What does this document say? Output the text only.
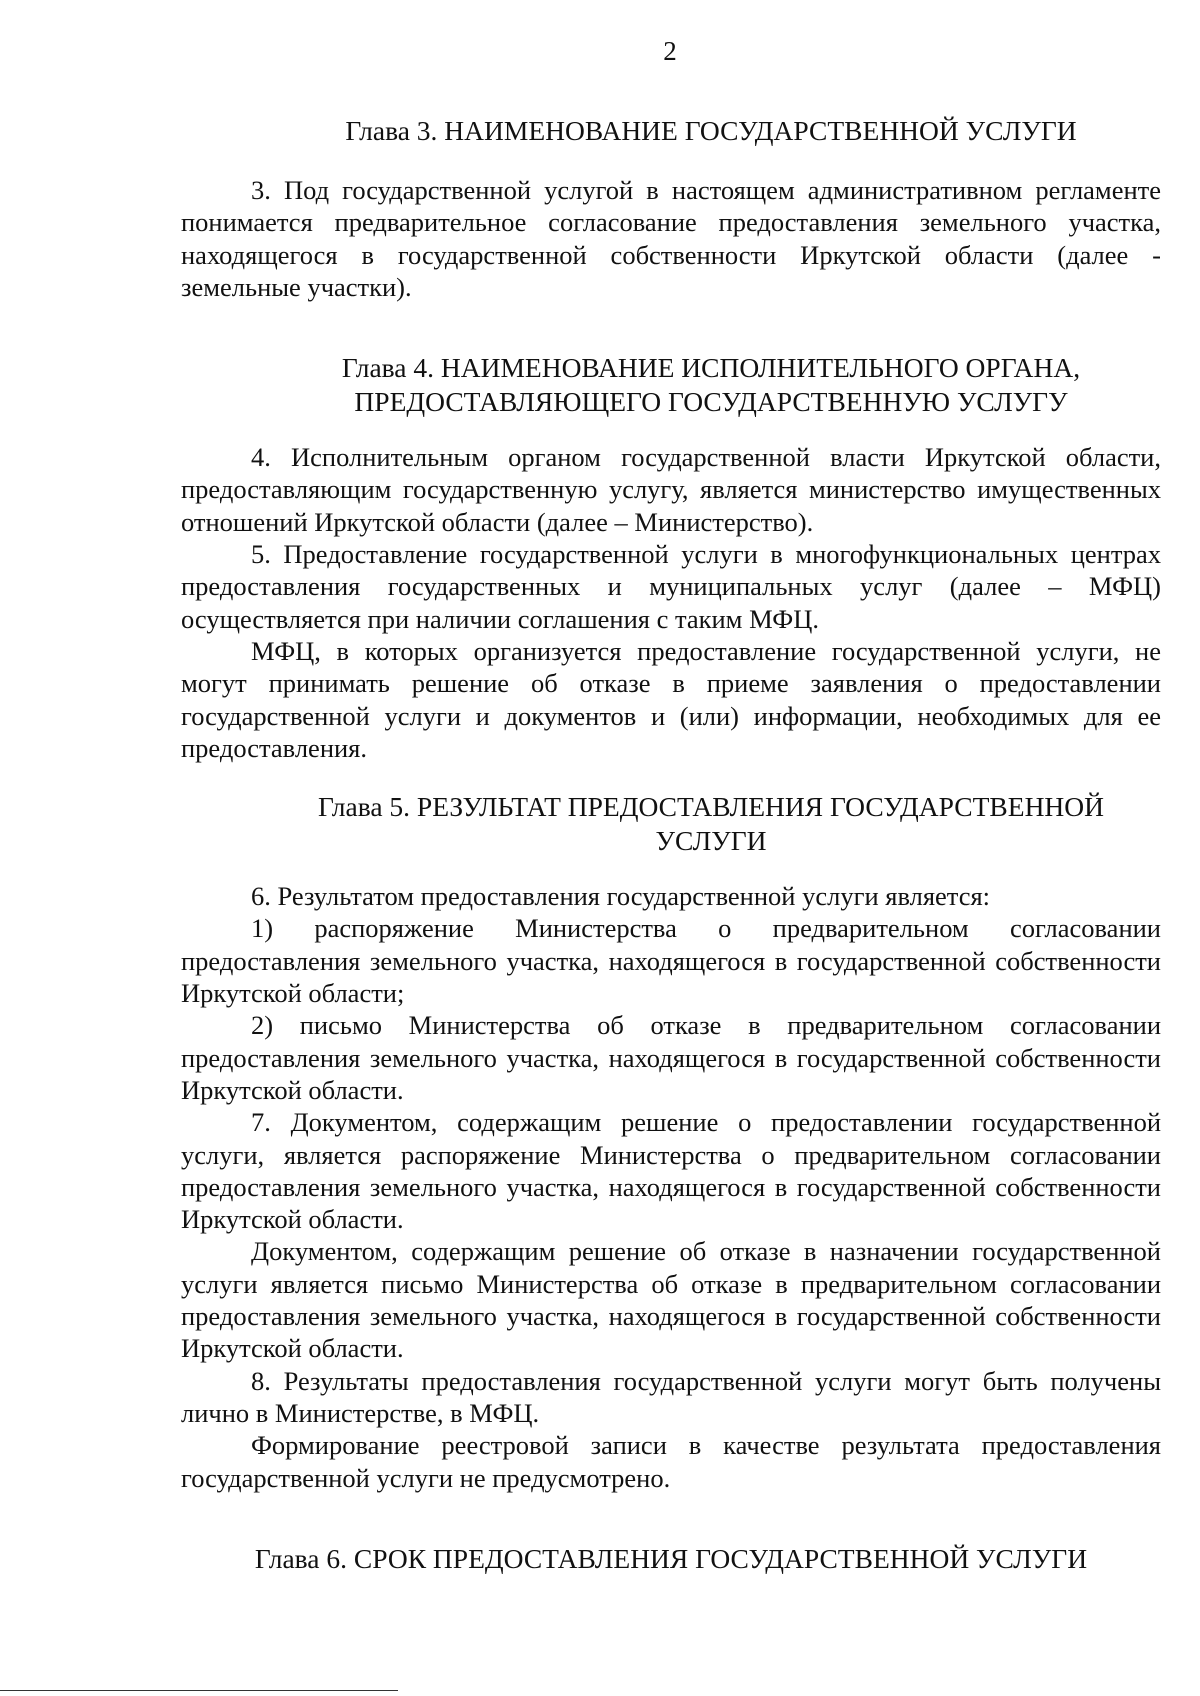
2
Глава 3. НАИМЕНОВАНИЕ ГОСУДАРСТВЕННОЙ УСЛУГИ

3. Под государственной услугой в настоящем административном регламенте понимается предварительное согласование предоставления земельного участка, находящегося в государственной собственности Иркутской области (далее - земельные участки).

Глава 4. НАИМЕНОВАНИЕ ИСПОЛНИТЕЛЬНОГО ОРГАНА,
ПРЕДОСТАВЛЯЮЩЕГО ГОСУДАРСТВЕННУЮ УСЛУГУ

4. Исполнительным органом государственной власти Иркутской области, предоставляющим государственную услугу, является министерство имущественных отношений Иркутской области (далее – Министерство).

5. Предоставление государственной услуги в многофункциональных центрах предоставления государственных и муниципальных услуг (далее – МФЦ) осуществляется при наличии соглашения с таким МФЦ.

МФЦ, в которых организуется предоставление государственной услуги, не могут принимать решение об отказе в приеме заявления о предоставлении государственной услуги и документов и (или) информации, необходимых для ее предоставления.

Глава 5. РЕЗУЛЬТАТ ПРЕДОСТАВЛЕНИЯ ГОСУДАРСТВЕННОЙ
УСЛУГИ

6. Результатом предоставления государственной услуги является:

1) распоряжение Министерства о предварительном согласовании предоставления земельного участка, находящегося в государственной собственности Иркутской области;

2) письмо Министерства об отказе в предварительном согласовании предоставления земельного участка, находящегося в государственной собственности Иркутской области.

7. Документом, содержащим решение о предоставлении государственной услуги, является распоряжение Министерства о предварительном согласовании предоставления земельного участка, находящегося в государственной собственности Иркутской области.

Документом, содержащим решение об отказе в назначении государственной услуги является письмо Министерства об отказе в предварительном согласовании предоставления земельного участка, находящегося в государственной собственности Иркутской области.

8. Результаты предоставления государственной услуги могут быть получены лично в Министерстве, в МФЦ.

Формирование реестровой записи в качестве результата предоставления государственной услуги не предусмотрено.

Глава 6. СРОК ПРЕДОСТАВЛЕНИЯ ГОСУДАРСТВЕННОЙ УСЛУГИ
